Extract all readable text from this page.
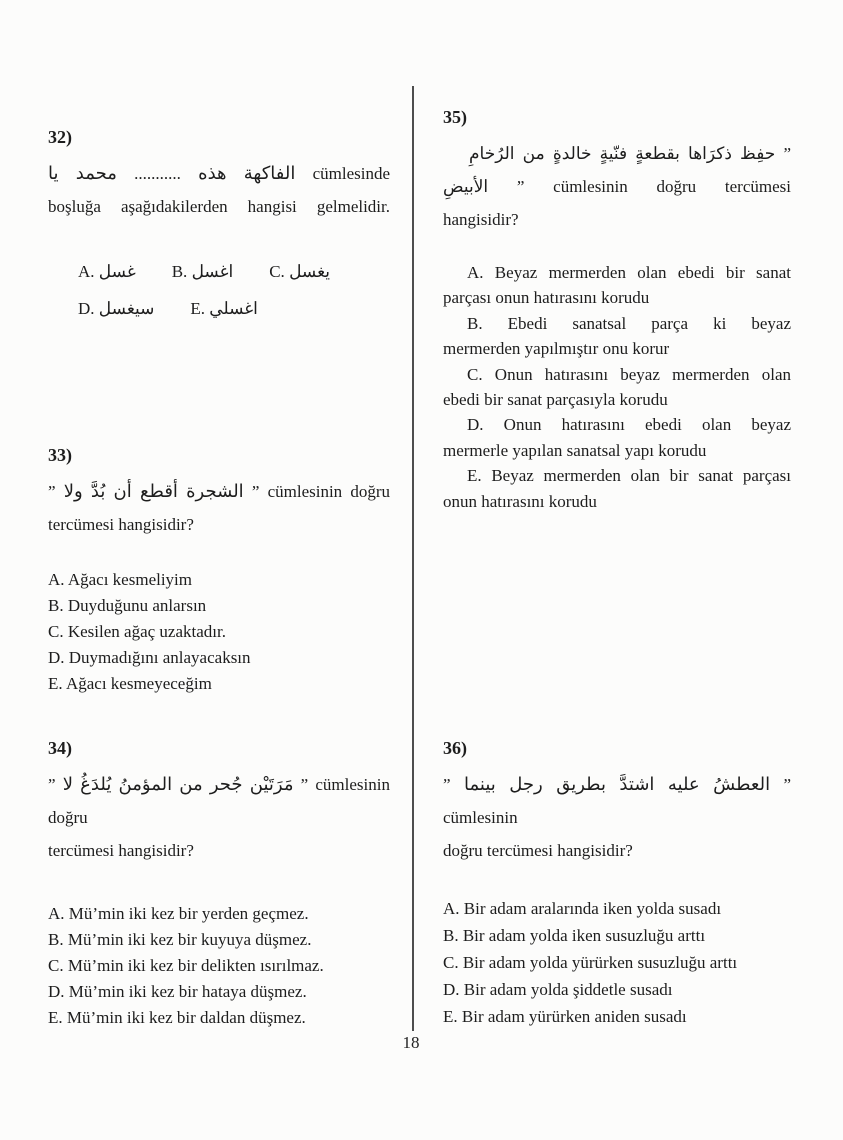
32)
يا محمد ........... هذه الفاكهة cümlesinde
boşluğa aşağıdakilerden hangisi gelmelidir.
A. غسل B. اغسل C. يغسل
D. سيغسل E. اغسلي
33)
” ولا بُدَّ أن أقطع الشجرة ” cümlesinin doğru
tercümesi hangisidir?
A. Ağacı kesmeliyim
B. Duyduğunu anlarsın
C. Kesilen ağaç uzaktadır.
D. Duymadığını anlayacaksın
E. Ağacı kesmeyeceğim
34)
” لا يُلدَغُ المؤمنُ من جُحر مَرَتَيْن ” cümlesinin doğru
tercümesi hangisidir?
A. Mü’min iki kez bir yerden geçmez.
B. Mü’min iki kez bir kuyuya düşmez.
C. Mü’min iki kez bir delikten ısırılmaz.
D. Mü’min iki kez bir hataya düşmez.
E. Mü’min iki kez bir daldan düşmez.
35)
حفِظ ذكرَاها بقطعةٍ فنّيةٍ خالدةٍ من الرُخامِ ”
الأبيضِ ” cümlesinin doğru tercümesi
hangisidir?
A. Beyaz mermerden olan ebedi bir sanat
parçası onun hatırasını korudu
B. Ebedi sanatsal parça ki beyaz
mermerden yapılmıştır onu korur
C. Onun hatırasını beyaz mermerden olan
ebedi bir sanat parçasıyla korudu
D. Onun hatırasını ebedi olan beyaz
mermerle yapılan sanatsal yapı korudu
E. Beyaz mermerden olan bir sanat parçası
onun hatırasını korudu
36)
” بينما رجل بطريق اشتدَّ عليه العطشُ ” cümlesinin
doğru tercümesi hangisidir?
A. Bir adam aralarında iken yolda susadı
B. Bir adam yolda iken susuzluğu arttı
C. Bir adam yolda yürürken susuzluğu arttı
D. Bir adam yolda şiddetle susadı
E. Bir adam yürürken aniden susadı
18
